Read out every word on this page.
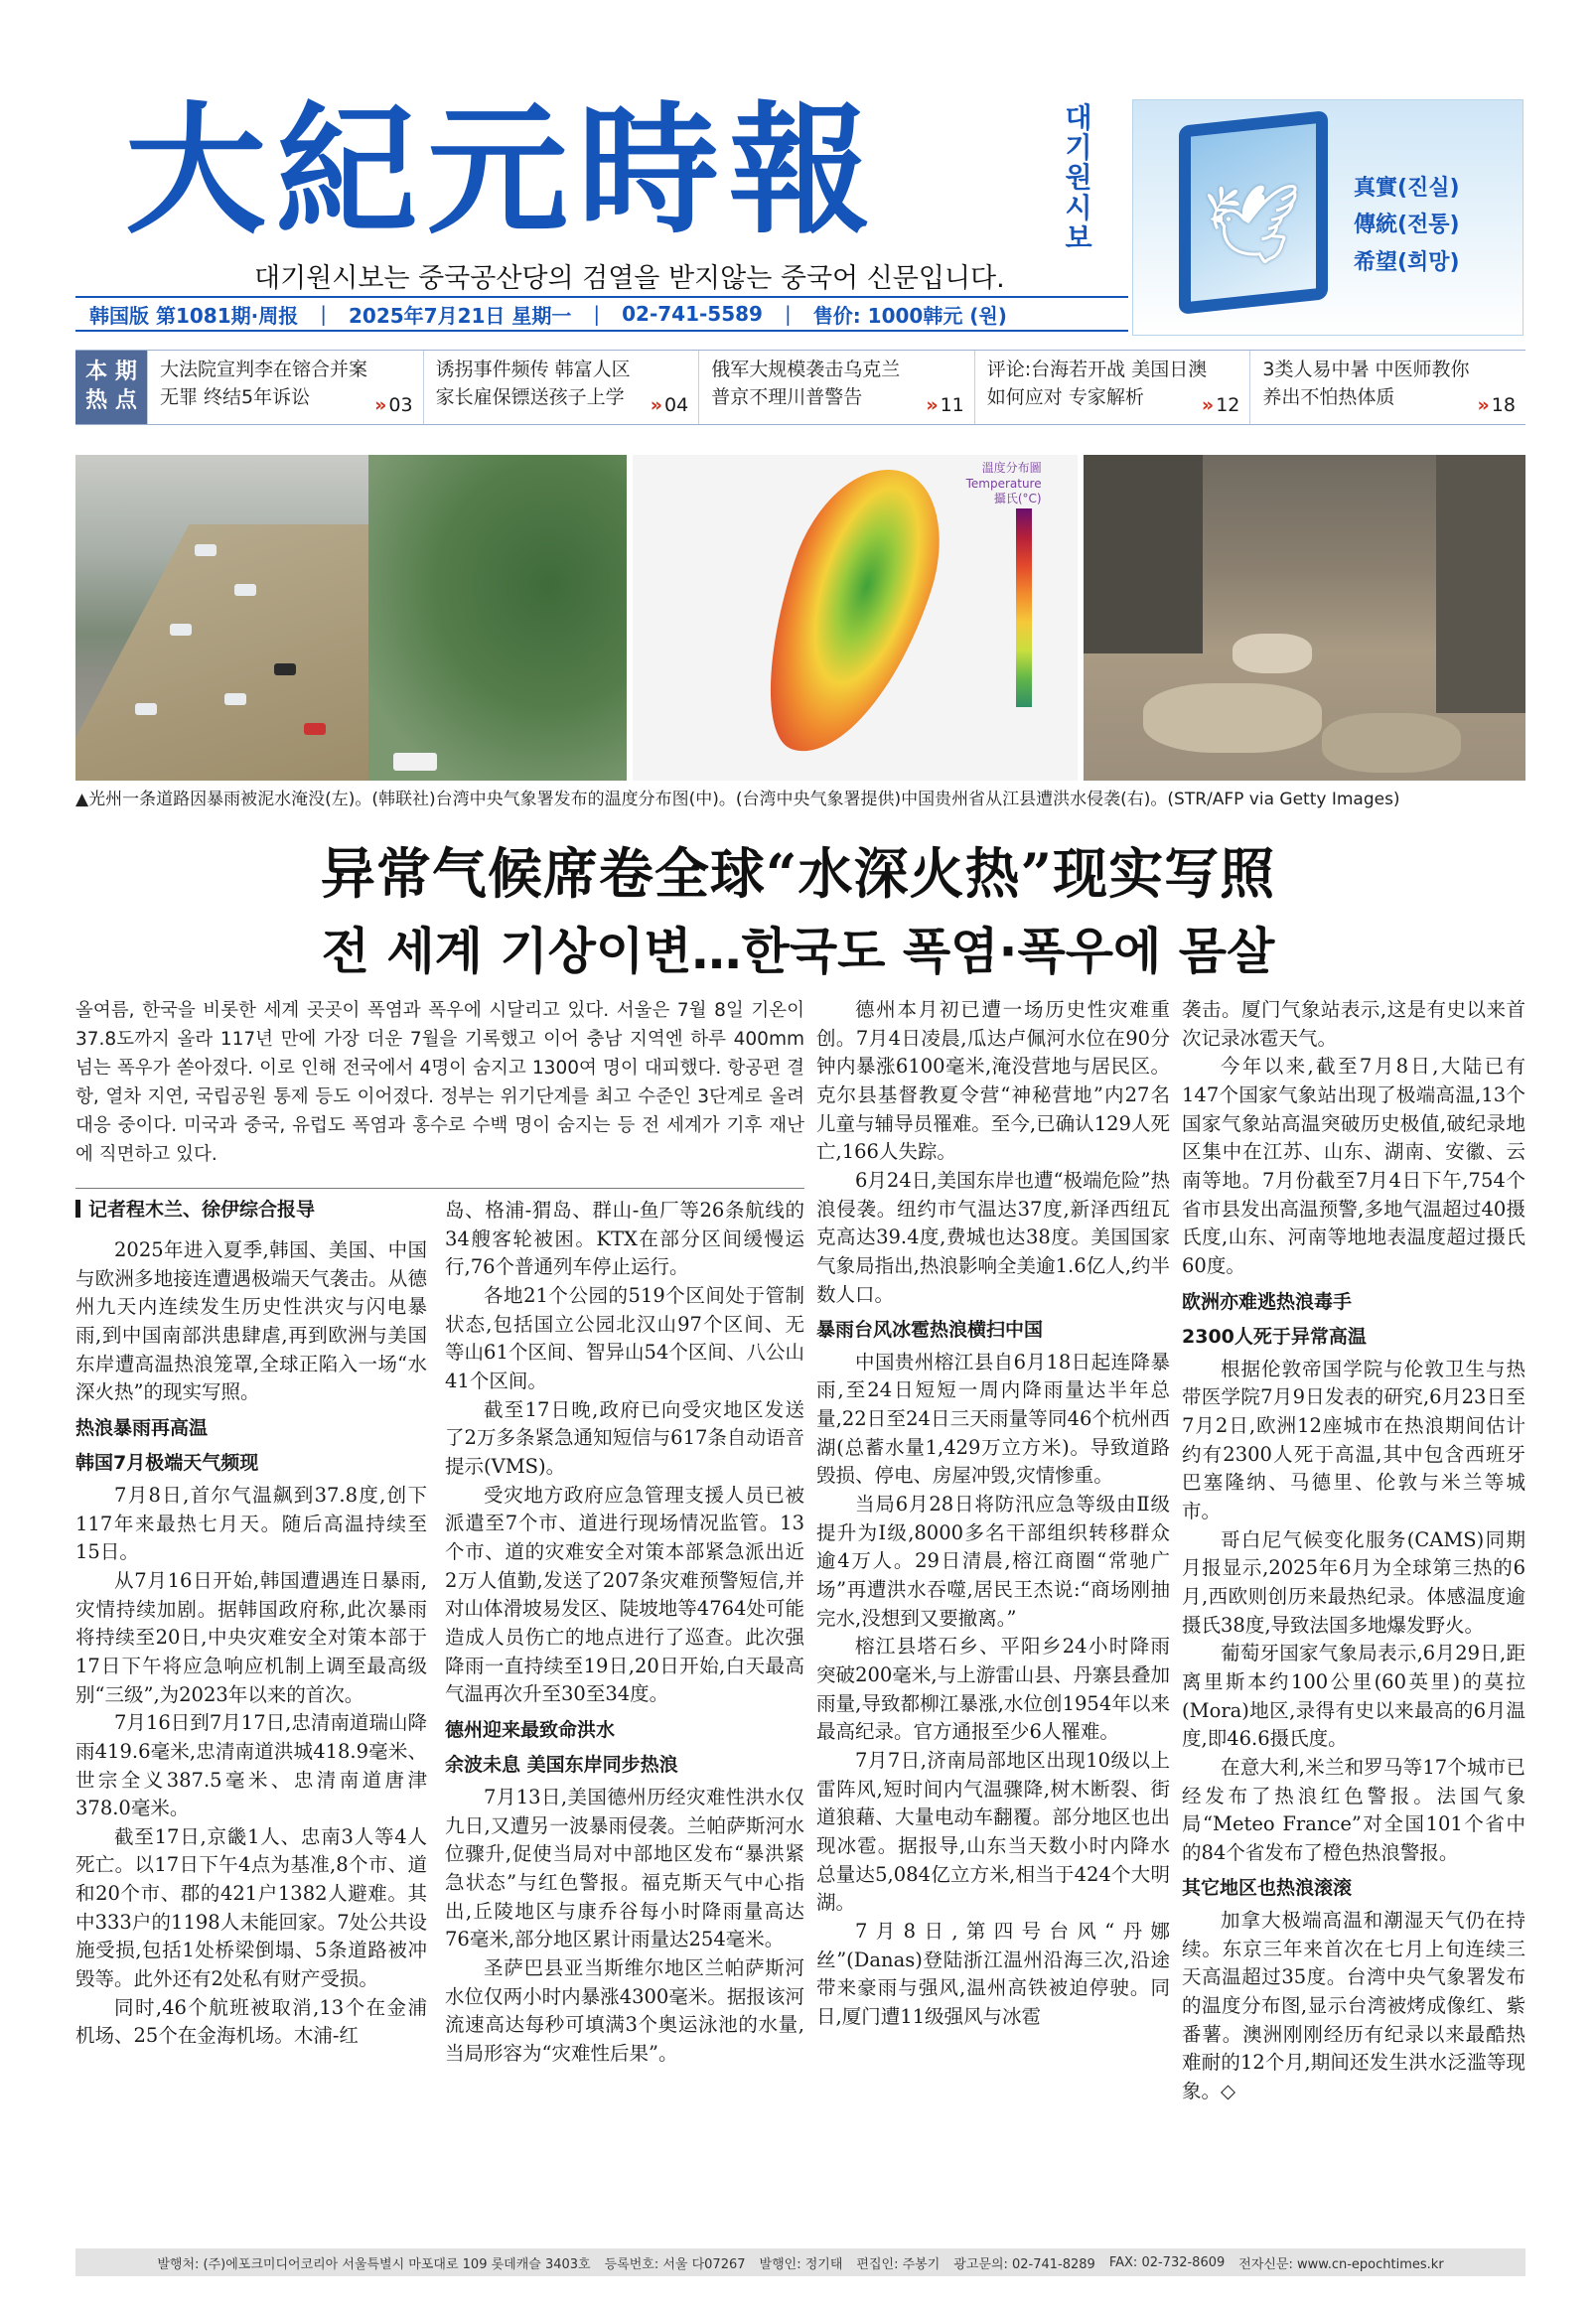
大紀元時報	대기원시보
대기원시보는 중국공산당의 검열을 받지않는 중국어 신문입니다.
韩国版 第1081期·周报 | 2025年7月21日 星期一 | 02-741-5589 | 售价: 1000韩元 (원)
🕊 真實(진실)
傳統(전통)
希望(희망)
本 期
热 点
大法院宣判李在镕合并案
无罪 终结5年诉讼	» 03
诱拐事件频传 韩富人区
家长雇保镖送孩子上学	» 04
俄军大规模袭击乌克兰
普京不理川普警告	» 11
评论:台海若开战 美国日澳
如何应对 专家解析	» 12
3类人易中暑 中医师教你
养出不怕热体质	» 18
溫度分布圖
Temperature
攝氏(°C)
▲光州一条道路因暴雨被泥水淹没(左)。(韩联社)台湾中央气象署发布的温度分布图(中)。(台湾中央气象署提供)中国贵州省从江县遭洪水侵袭(右)。(STR/AFP via Getty Images)
异常气候席卷全球“水深火热”现实写照
전 세계 기상이변…한국도 폭염·폭우에 몸살
올여름, 한국을 비롯한 세계 곳곳이 폭염과 폭우에 시달리고 있다. 서울은 7월 8일 기온이 37.8도까지 올라 117년 만에 가장 더운 7월을 기록했고 이어 충남 지역엔 하루 400mm 넘는 폭우가 쏟아졌다. 이로 인해 전국에서 4명이 숨지고 1300여 명이 대피했다. 항공편 결항, 열차 지연, 국립공원 통제 등도 이어졌다. 정부는 위기단계를 최고 수준인 3단계로 올려 대응 중이다. 미국과 중국, 유럽도 폭염과 홍수로 수백 명이 숨지는 등 전 세계가 기후 재난에 직면하고 있다.
记者程木兰、徐伊综合报导

2025年进入夏季,韩国、美国、中国与欧洲多地接连遭遇极端天气袭击。从德州九天内连续发生历史性洪灾与闪电暴雨,到中国南部洪患肆虐,再到欧洲与美国东岸遭高温热浪笼罩,全球正陷入一场“水深火热”的现实写照。

热浪暴雨再高温
韩国7月极端天气频现

7月8日,首尔气温飙到37.8度,创下117年来最热七月天。随后高温持续至15日。

从7月16日开始,韩国遭遇连日暴雨,灾情持续加剧。据韩国政府称,此次暴雨将持续至20日,中央灾难安全对策本部于17日下午将应急响应机制上调至最高级别“三级”,为2023年以来的首次。

7月16日到7月17日,忠清南道瑞山降雨419.6毫米,忠清南道洪城418.9毫米、世宗全义387.5毫米、忠清南道唐津378.0毫米。

截至17日,京畿1人、忠南3人等4人死亡。以17日下午4点为基准,8个市、道和20个市、郡的421户1382人避难。其中333户的1198人未能回家。7处公共设施受损,包括1处桥梁倒塌、5条道路被冲毁等。此外还有2处私有财产受损。

同时,46个航班被取消,13个在金浦机场、25个在金海机场。木浦-红

岛、格浦-猬岛、群山-鱼厂等26条航线的34艘客轮被困。KTX在部分区间缓慢运行,76个普通列车停止运行。

各地21个公园的519个区间处于管制状态,包括国立公园北汉山97个区间、无等山61个区间、智异山54个区间、八公山41个区间。

截至17日晚,政府已向受灾地区发送了2万多条紧急通知短信与617条自动语音提示(VMS)。

受灾地方政府应急管理支援人员已被派遣至7个市、道进行现场情况监管。13个市、道的灾难安全对策本部紧急派出近2万人值勤,发送了207条灾难预警短信,并对山体滑坡易发区、陡坡地等4764处可能造成人员伤亡的地点进行了巡查。此次强降雨一直持续至19日,20日开始,白天最高气温再次升至30至34度。

德州迎来最致命洪水
余波未息 美国东岸同步热浪

7月13日,美国德州历经灾难性洪水仅九日,又遭另一波暴雨侵袭。兰帕萨斯河水位骤升,促使当局对中部地区发布“暴洪紧急状态”与红色警报。福克斯天气中心指出,丘陵地区与康乔谷每小时降雨量高达76毫米,部分地区累计雨量达254毫米。

圣萨巴县亚当斯维尔地区兰帕萨斯河水位仅两小时内暴涨4300毫米。据报该河流速高达每秒可填满3个奥运泳池的水量,当局形容为“灾难性后果”。

德州本月初已遭一场历史性灾难重创。7月4日凌晨,瓜达卢佩河水位在90分钟内暴涨6100毫米,淹没营地与居民区。克尔县基督教夏令营“神秘营地”内27名儿童与辅导员罹难。至今,已确认129人死亡,166人失踪。

6月24日,美国东岸也遭“极端危险”热浪侵袭。纽约市气温达37度,新泽西纽瓦克高达39.4度,费城也达38度。美国国家气象局指出,热浪影响全美逾1.6亿人,约半数人口。

暴雨台风冰雹热浪横扫中国

中国贵州榕江县自6月18日起连降暴雨,至24日短短一周内降雨量达半年总量,22日至24日三天雨量等同46个杭州西湖(总蓄水量1,429万立方米)。导致道路毁损、停电、房屋冲毁,灾情惨重。

当局6月28日将防汛应急等级由Ⅱ级提升为Ⅰ级,8000多名干部组织转移群众逾4万人。29日清晨,榕江商圈“常驰广场”再遭洪水吞噬,居民王杰说:“商场刚抽完水,没想到又要撤离。”

榕江县塔石乡、平阳乡24小时降雨突破200毫米,与上游雷山县、丹寨县叠加雨量,导致都柳江暴涨,水位创1954年以来最高纪录。官方通报至少6人罹难。

7月7日,济南局部地区出现10级以上雷阵风,短时间内气温骤降,树木断裂、街道狼藉、大量电动车翻覆。部分地区也出现冰雹。据报导,山东当天数小时内降水总量达5,084亿立方米,相当于424个大明湖。

7月8日,第四号台风“丹娜丝”(Danas)登陆浙江温州沿海三次,沿途带来豪雨与强风,温州高铁被迫停驶。同日,厦门遭11级强风与冰雹

袭击。厦门气象站表示,这是有史以来首次记录冰雹天气。

今年以来,截至7月8日,大陆已有147个国家气象站出现了极端高温,13个国家气象站高温突破历史极值,破纪录地区集中在江苏、山东、湖南、安徽、云南等地。7月份截至7月4日下午,754个省市县发出高温预警,多地气温超过40摄氏度,山东、河南等地地表温度超过摄氏60度。

欧洲亦难逃热浪毒手
2300人死于异常高温

根据伦敦帝国学院与伦敦卫生与热带医学院7月9日发表的研究,6月23日至7月2日,欧洲12座城市在热浪期间估计约有2300人死于高温,其中包含西班牙巴塞隆纳、马德里、伦敦与米兰等城市。

哥白尼气候变化服务(CAMS)同期月报显示,2025年6月为全球第三热的6月,西欧则创历来最热纪录。体感温度逾摄氏38度,导致法国多地爆发野火。

葡萄牙国家气象局表示,6月29日,距离里斯本约100公里(60英里)的莫拉(Mora)地区,录得有史以来最高的6月温度,即46.6摄氏度。

在意大利,米兰和罗马等17个城市已经发布了热浪红色警报。法国气象局“Meteo France”对全国101个省中的84个省发布了橙色热浪警报。

其它地区也热浪滚滚

加拿大极端高温和潮湿天气仍在持续。东京三年来首次在七月上旬连续三天高温超过35度。台湾中央气象署发布的温度分布图,显示台湾被烤成像红、紫番薯。澳洲刚刚经历有纪录以来最酷热难耐的12个月,期间还发生洪水泛滥等现象。◇

발행처: (주)에포크미디어코리아 서울특별시 마포대로 109 롯데캐슬 3403호 등록번호: 서울 다07267 발행인: 정기태 편집인: 주봉기 광고문의: 02-741-8289 FAX: 02-732-8609 전자신문: www.cn-epochtimes.kr
